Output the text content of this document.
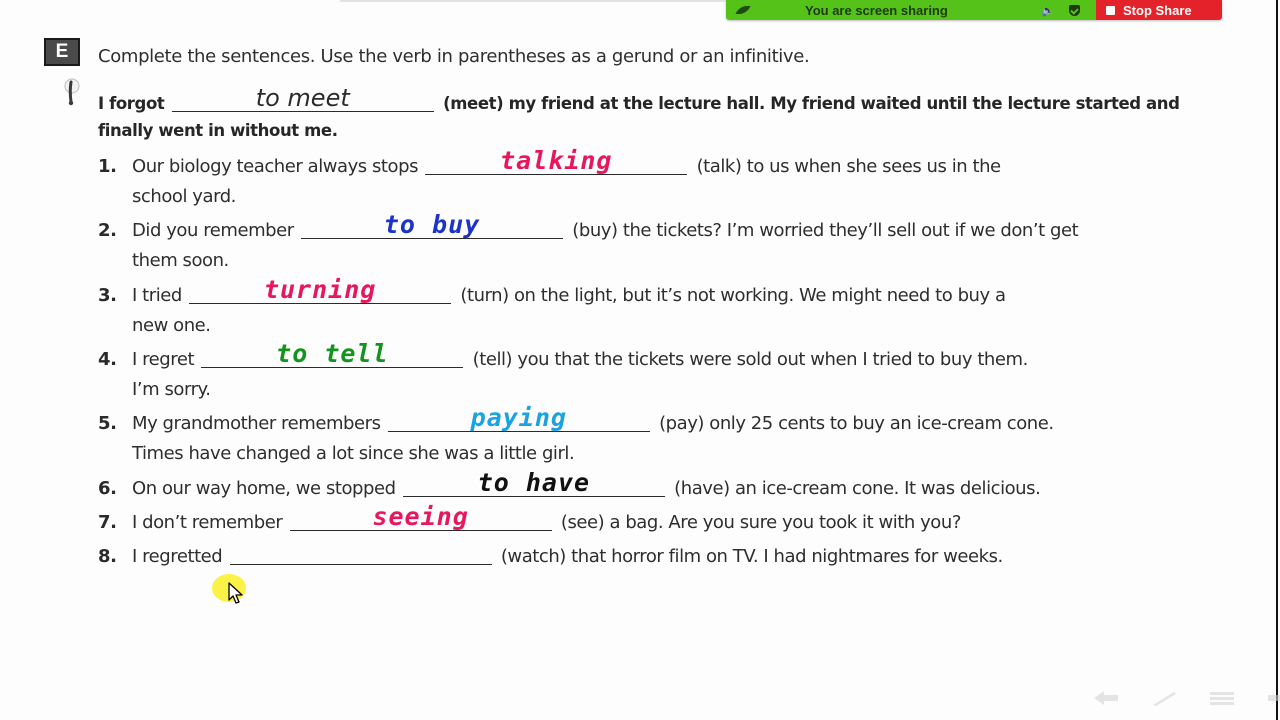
You are screen sharing	🔈	Stop Share
E Complete the sentences. Use the verb in parentheses as a gerund or an infinitive.
I forgot	to meet	(meet) my friend at the lecture hall. My friend waited until the lecture started and finally went in without me.
1. Our biology teacher always stops	talking	(talk) to us when she sees us in the
school yard.
2. Did you remember	to buy	(buy) the tickets? I’m worried they’ll sell out if we don’t get
them soon.
3. I tried	turning	(turn) on the light, but it’s not working. We might need to buy a
new one.
4. I regret	to tell	(tell) you that the tickets were sold out when I tried to buy them.
I’m sorry.
5. My grandmother remembers	paying	(pay) only 25 cents to buy an ice-cream cone.
Times have changed a lot since she was a little girl.
6. On our way home, we stopped	to have	(have) an ice-cream cone. It was delicious.
7. I don’t remember	seeing	(see) a bag. Are you sure you took it with you?
8. I regretted	(watch) that horror film on TV. I had nightmares for weeks.
